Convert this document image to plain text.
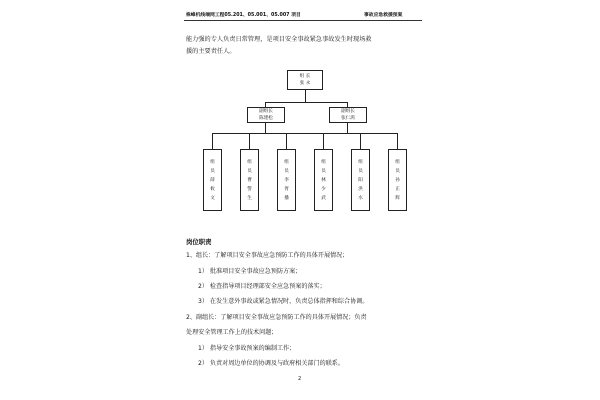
株峰机线端网工程05.201、05.001、05.007 项目	事故应急救援预案
能力强的专人负责日常管理，是项目安全事故紧急事故发生时现场救
援的主要责任人。
组 长
张 永
副组长
陈建松
副组长
张仁鸿
组
员
薛
攸
文
组
员
曹
警
生
组
员
李
胥
播
组
员
林
少
武
组
员
阳
洪
水
组
员
孙
正
辉
岗位职责
1、组长：了解项目安全事故应急预防工作的具体开展情况；
1） 批准项目安全事故应急预防方案；
2） 检查指导项目经理部安全应急预案的落实；
3） 在发生意外事故或紧急情况时，负责总体指挥和综合协调。
2、副组长：了解项目安全事故应急预防工作的具体开展情况；负责
处理安全管理工作上的技术问题；
1） 指导安全事故预案的编制工作；
2） 负责对周边单位的协调及与政府相关部门的联系。
2
